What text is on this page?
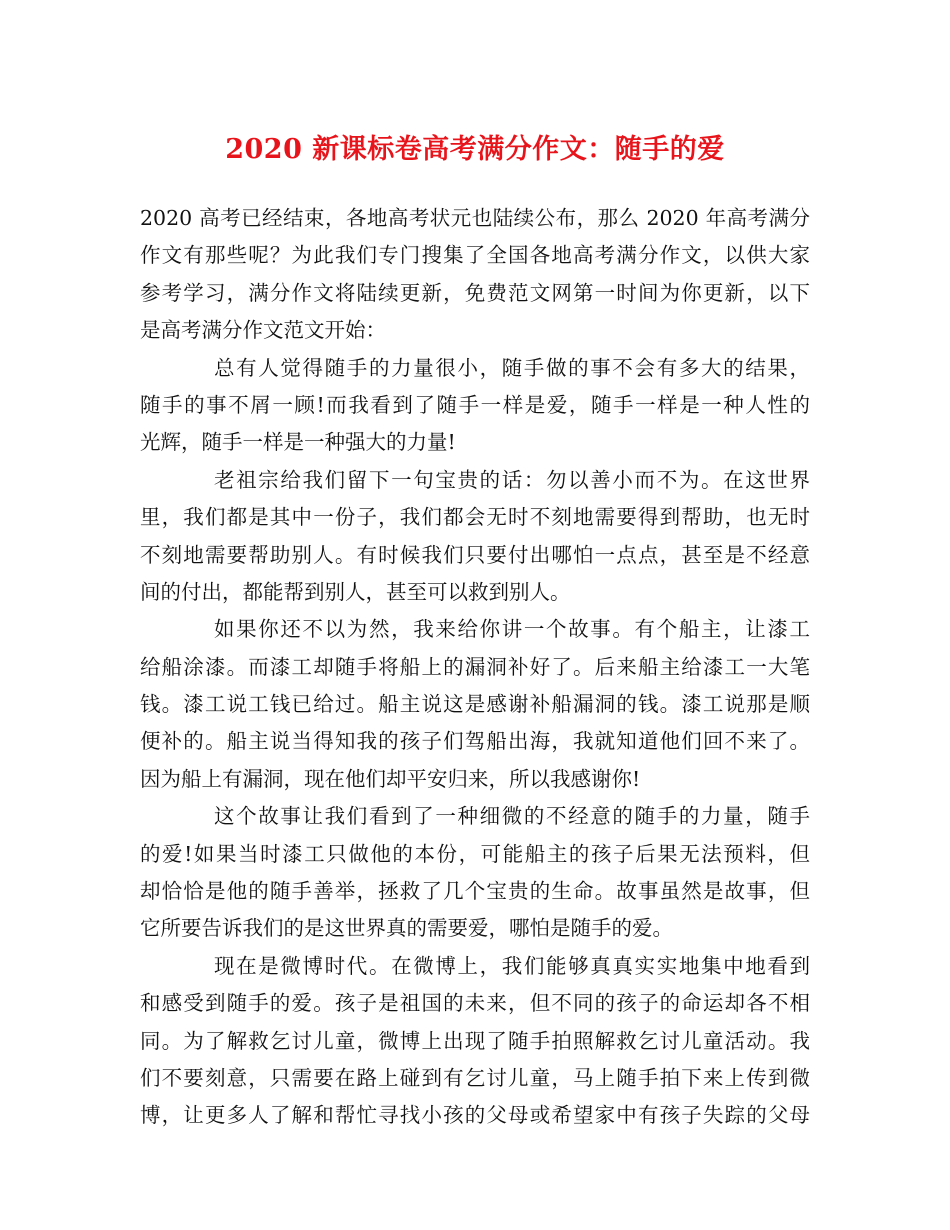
2020 新课标卷高考满分作文：随手的爱
2020 高考已经结束，各地高考状元也陆续公布，那么 2020 年高考满分
作文有那些呢？为此我们专门搜集了全国各地高考满分作文，以供大家
参考学习，满分作文将陆续更新，免费范文网第一时间为你更新，以下
是高考满分作文范文开始：
总有人觉得随手的力量很小，随手做的事不会有多大的结果，
随手的事不屑一顾!而我看到了随手一样是爱，随手一样是一种人性的
光辉，随手一样是一种强大的力量!
老祖宗给我们留下一句宝贵的话：勿以善小而不为。在这世界
里，我们都是其中一份子，我们都会无时不刻地需要得到帮助，也无时
不刻地需要帮助别人。有时候我们只要付出哪怕一点点，甚至是不经意
间的付出，都能帮到别人，甚至可以救到别人。
如果你还不以为然，我来给你讲一个故事。有个船主，让漆工
给船涂漆。而漆工却随手将船上的漏洞补好了。后来船主给漆工一大笔
钱。漆工说工钱已给过。船主说这是感谢补船漏洞的钱。漆工说那是顺
便补的。船主说当得知我的孩子们驾船出海，我就知道他们回不来了。
因为船上有漏洞，现在他们却平安归来，所以我感谢你!
这个故事让我们看到了一种细微的不经意的随手的力量，随手
的爱!如果当时漆工只做他的本份，可能船主的孩子后果无法预料，但
却恰恰是他的随手善举，拯救了几个宝贵的生命。故事虽然是故事，但
它所要告诉我们的是这世界真的需要爱，哪怕是随手的爱。
现在是微博时代。在微博上，我们能够真真实实地集中地看到
和感受到随手的爱。孩子是祖国的未来，但不同的孩子的命运却各不相
同。为了解救乞讨儿童，微博上出现了随手拍照解救乞讨儿童活动。我
们不要刻意，只需要在路上碰到有乞讨儿童，马上随手拍下来上传到微
博，让更多人了解和帮忙寻找小孩的父母或希望家中有孩子失踪的父母
